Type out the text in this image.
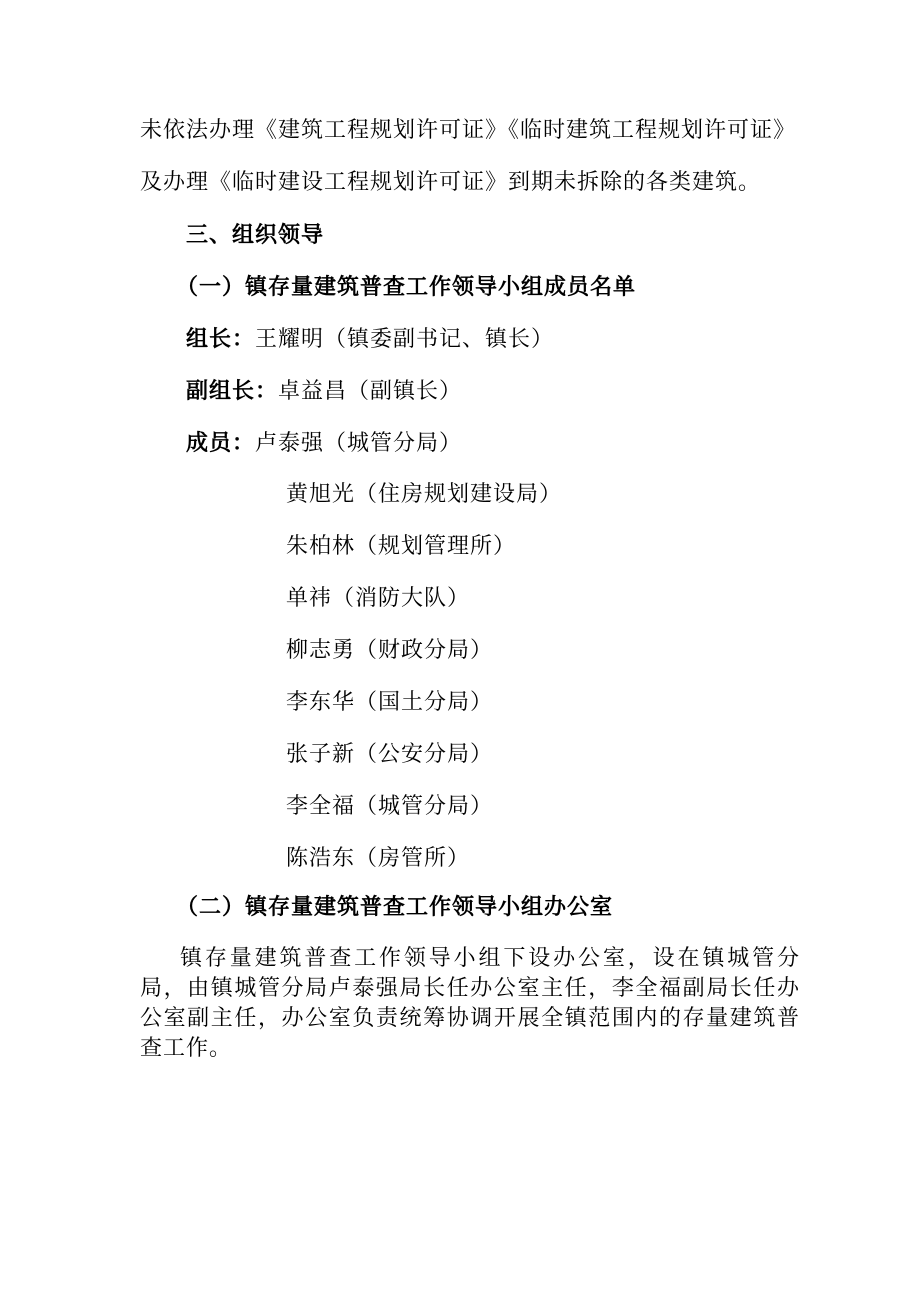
未依法办理《建筑工程规划许可证》《临时建筑工程规划许可证》
及办理《临时建设工程规划许可证》到期未拆除的各类建筑。
三、组织领导
（一）镇存量建筑普查工作领导小组成员名单
组长：王耀明（镇委副书记、镇长）
副组长：卓益昌（副镇长）
成员：卢泰强（城管分局）
黄旭光（住房规划建设局）
朱柏林（规划管理所）
单祎（消防大队）
柳志勇（财政分局）
李东华（国土分局）
张子新（公安分局）
李全福（城管分局）
陈浩东（房管所）
（二）镇存量建筑普查工作领导小组办公室
镇存量建筑普查工作领导小组下设办公室，设在镇城管分局，由镇城管分局卢泰强局长任办公室主任，李全福副局长任办公室副主任，办公室负责统筹协调开展全镇范围内的存量建筑普查工作。
